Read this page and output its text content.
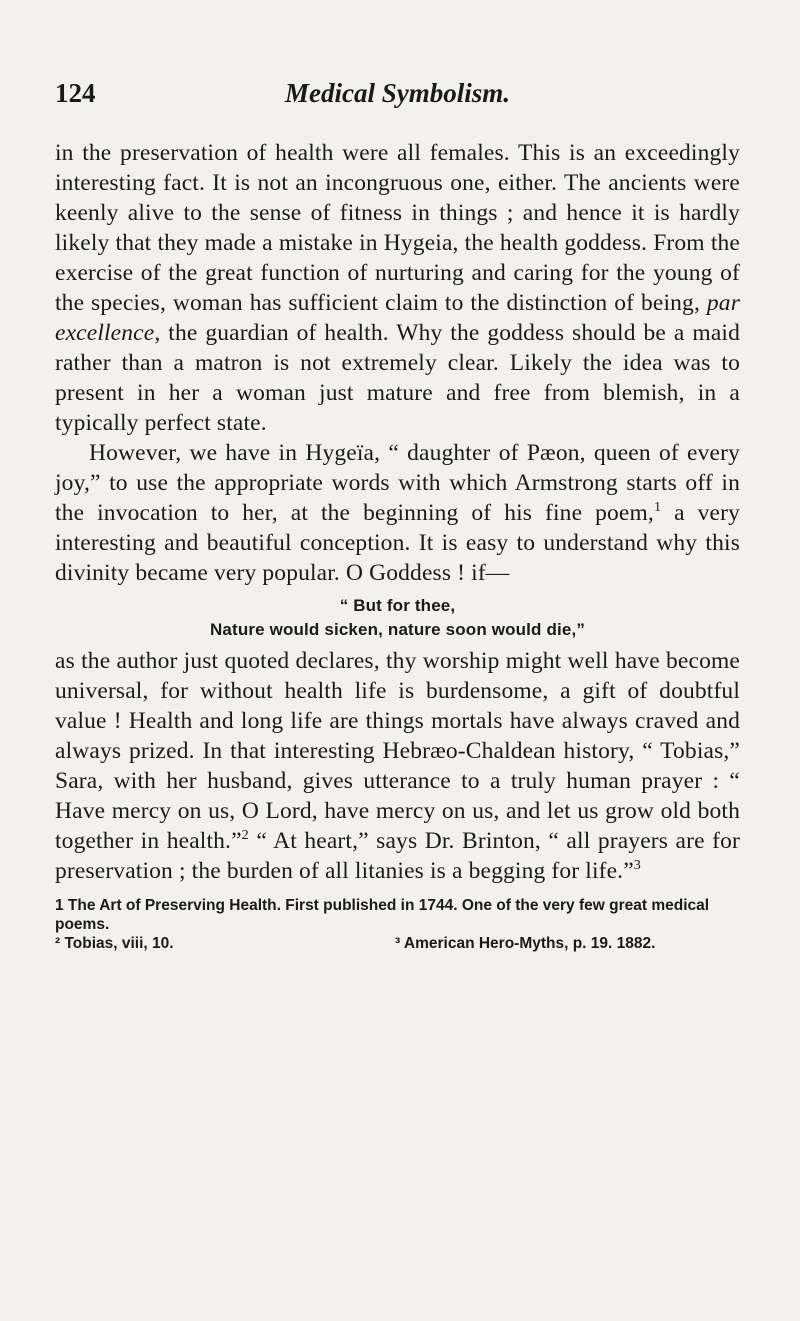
124	Medical Symbolism.

in the preservation of health were all females. This is an exceedingly interesting fact. It is not an incongruous one, either. The ancients were keenly alive to the sense of fitness in things ; and hence it is hardly likely that they made a mistake in Hygeia, the health goddess. From the exercise of the great function of nurturing and caring for the young of the species, woman has sufficient claim to the distinction of being, par excellence, the guardian of health. Why the goddess should be a maid rather than a matron is not extremely clear. Likely the idea was to present in her a woman just mature and free from blemish, in a typically perfect state.

However, we have in Hygeïa, “ daughter of Pæon, queen of every joy,” to use the appropriate words with which Armstrong starts off in the invocation to her, at the beginning of his fine poem,$^1$ a very interesting and beautiful conception. It is easy to understand why this divinity became very popular. O Goddess ! if—

“ But for thee,
Nature would sicken, nature soon would die,”

as the author just quoted declares, thy worship might well have become universal, for without health life is burdensome, a gift of doubtful value ! Health and long life are things mortals have always craved and always prized. In that interesting Hebræo-Chaldean history, “ Tobias,” Sara, with her husband, gives utterance to a truly human prayer : “ Have mercy on us, O Lord, have mercy on us, and let us grow old both together in health.”$^2$ “ At heart,” says Dr. Brinton, “ all prayers are for preservation ; the burden of all litanies is a begging for life.”$^3$

1 The Art of Preserving Health. First published in 1744. One of the very few great medical poems.

² Tobias, viii, 10.	³ American Hero-Myths, p. 19. 1882.
